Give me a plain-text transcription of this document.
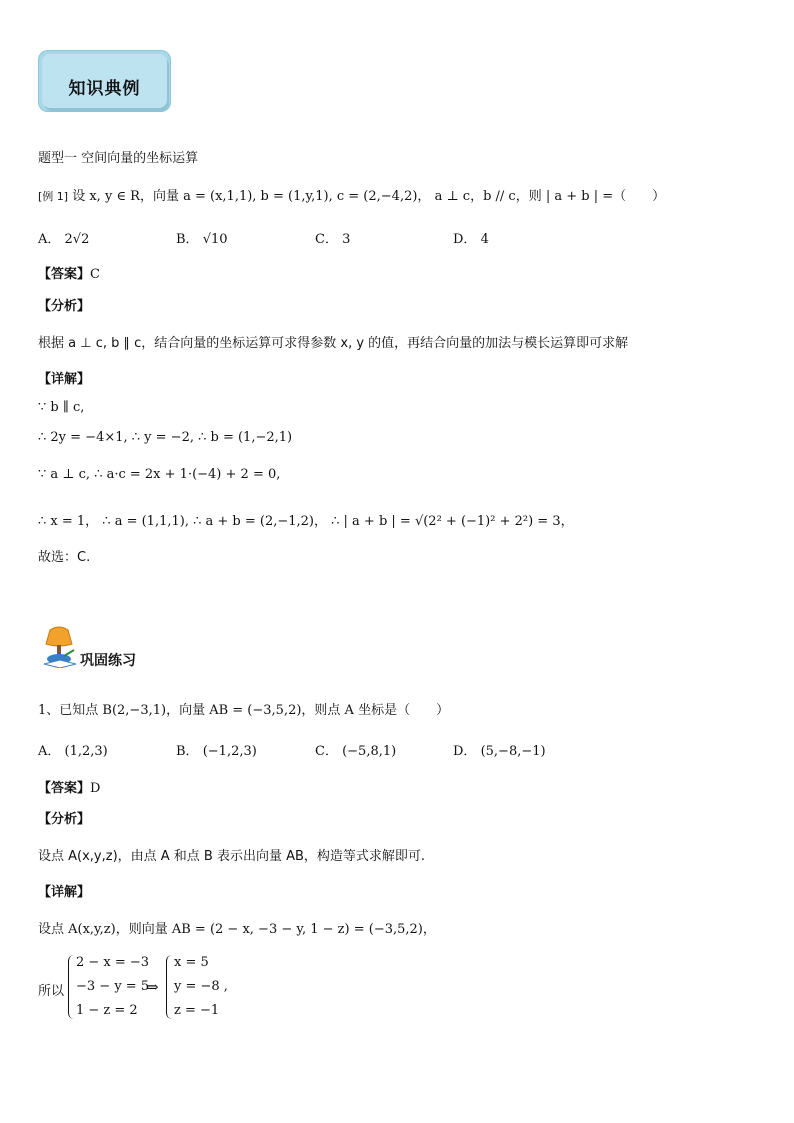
知识典例
题型一 空间向量的坐标运算
[例 1] 设 x, y ∈ R，向量 a = (x,1,1), b = (1,y,1), c = (2,−4,2)， a ⊥ c，b // c，则 | a + b | =（　　）
A． 2√2	B． √10	C． 3	D． 4
【答案】C
【分析】
根据 a ⊥ c, b ∥ c，结合向量的坐标运算可求得参数 x, y 的值，再结合向量的加法与模长运算即可求解
【详解】
∵ b ∥ c,
∴ 2y = −4×1, ∴ y = −2, ∴ b = (1,−2,1)
∵ a ⊥ c, ∴ a·c = 2x + 1·(−4) + 2 = 0,
∴ x = 1， ∴ a = (1,1,1), ∴ a + b = (2,−1,2)， ∴ | a + b | = √(2² + (−1)² + 2²) = 3，
故选：C.
巩固练习
1、已知点 B(2,−3,1)，向量 AB = (−3,5,2)，则点 A 坐标是（　　）
A． (1,2,3)	B． (−1,2,3)	C． (−5,8,1)	D． (5,−8,−1)
【答案】D
【分析】
设点 A(x,y,z)，由点 A 和点 B 表示出向量 AB，构造等式求解即可.
【详解】
设点 A(x,y,z)，则向量 AB = (2 − x, −3 − y, 1 − z) = (−3,5,2)，
所以
2 − x = −3
−3 − y = 5
1 − z = 2
⇒
x = 5
y = −8 ,
z = −1
